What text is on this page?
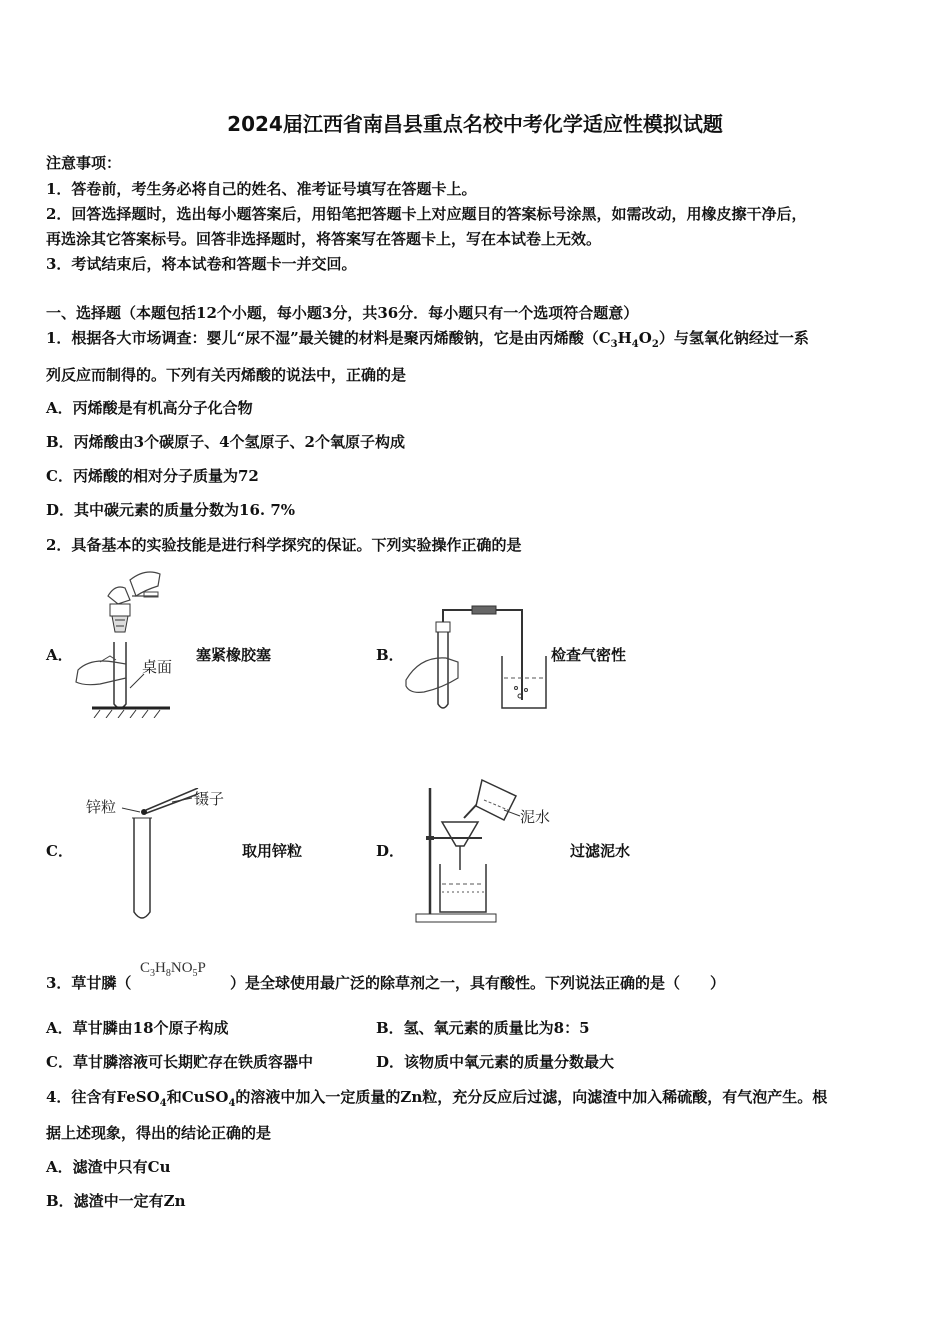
2024届江西省南昌县重点名校中考化学适应性模拟试题
注意事项：
1．答卷前，考生务必将自己的姓名、准考证号填写在答题卡上。
2．回答选择题时，选出每小题答案后，用铅笔把答题卡上对应题目的答案标号涂黑，如需改动，用橡皮擦干净后，
再选涂其它答案标号。回答非选择题时，将答案写在答题卡上，写在本试卷上无效。
3．考试结束后，将本试卷和答题卡一并交回。
一、选择题（本题包括12个小题，每小题3分，共36分．每小题只有一个选项符合题意）
1．根据各大市场调查：婴儿“尿不湿”最关键的材料是聚丙烯酸钠，它是由丙烯酸$(C_3H_4O_2)$与氢氧化钠经过一系
列反应而制得的。下列有关丙烯酸的说法中，正确的是
A．丙烯酸是有机高分子化合物
B．丙烯酸由3个碳原子、4个氢原子、2个氧原子构成
C．丙烯酸的相对分子质量为72
D．其中碳元素的质量分数为16. 7%
2．具备基本的实验技能是进行科学探究的保证。下列实验操作正确的是
A．
桌面
塞紧橡胶塞	B．	检查气密性
C．
锌粒	镊子
取用锌粒	D．
泥水
过滤泥水
3．草甘膦（
$C_3H_8NO_5P$
）是全球使用最广泛的除草剂之一，具有酸性。下列说法正确的是（　　）
A．草甘膦由18个原子构成	B．氢、氧元素的质量比为8：5
C．草甘膦溶液可长期贮存在铁质容器中	D．该物质中氧元素的质量分数最大
4．往含有FeSO$_4$和CuSO$_4$的溶液中加入一定质量的Zn粒，充分反应后过滤，向滤渣中加入稀硫酸，有气泡产生。根
据上述现象，得出的结论正确的是
A．滤渣中只有Cu
B．滤渣中一定有Zn
